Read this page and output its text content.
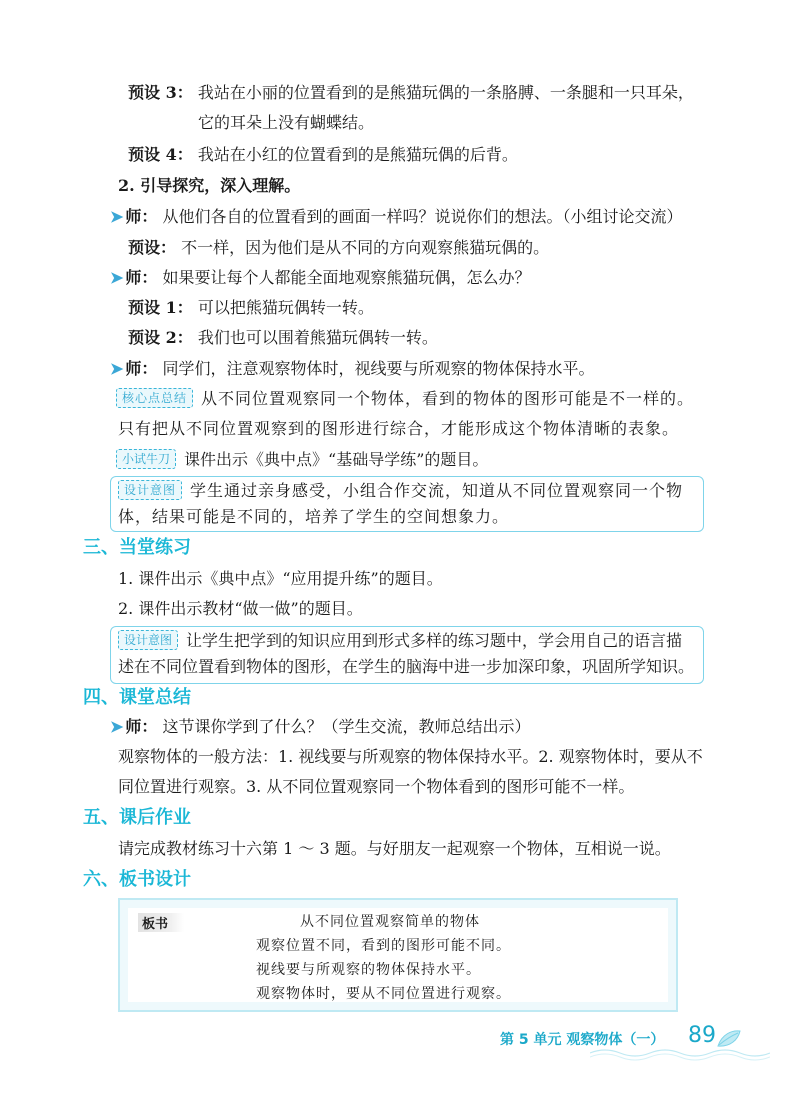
预设 3： 我站在小丽的位置看到的是熊猫玩偶的一条胳膊、一条腿和一只耳朵，
它的耳朵上没有蝴蝶结。
预设 4： 我站在小红的位置看到的是熊猫玩偶的后背。
2. 引导探究，深入理解。
➤ 师： 从他们各自的位置看到的画面一样吗？说说你们的想法。（小组讨论交流）
预设： 不一样，因为他们是从不同的方向观察熊猫玩偶的。
➤ 师： 如果要让每个人都能全面地观察熊猫玩偶，怎么办？
预设 1： 可以把熊猫玩偶转一转。
预设 2： 我们也可以围着熊猫玩偶转一转。
➤ 师： 同学们，注意观察物体时，视线要与所观察的物体保持水平。
核心点总结 从不同位置观察同一个物体，看到的物体的图形可能是不一样的。
只有把从不同位置观察到的图形进行综合，才能形成这个物体清晰的表象。
小试牛刀 课件出示《典中点》“基础导学练”的题目。
设计意图 学生通过亲身感受，小组合作交流，知道从不同位置观察同一个物
体，结果可能是不同的，培养了学生的空间想象力。
三、当堂练习
1. 课件出示《典中点》“应用提升练”的题目。
2. 课件出示教材“做一做”的题目。
设计意图 让学生把学到的知识应用到形式多样的练习题中，学会用自己的语言描
述在不同位置看到物体的图形，在学生的脑海中进一步加深印象，巩固所学知识。
四、课堂总结
➤ 师： 这节课你学到了什么？（学生交流，教师总结出示）
观察物体的一般方法：1. 视线要与所观察的物体保持水平。2. 观察物体时，要从不
同位置进行观察。3. 从不同位置观察同一个物体看到的图形可能不一样。
五、课后作业
请完成教材练习十六第 1 ～ 3 题。与好朋友一起观察一个物体，互相说一说。
六、板书设计
板书	从不同位置观察简单的物体
观察位置不同，看到的图形可能不同。
视线要与所观察的物体保持水平。
观察物体时，要从不同位置进行观察。
第 5 单元 观察物体（一） 89
